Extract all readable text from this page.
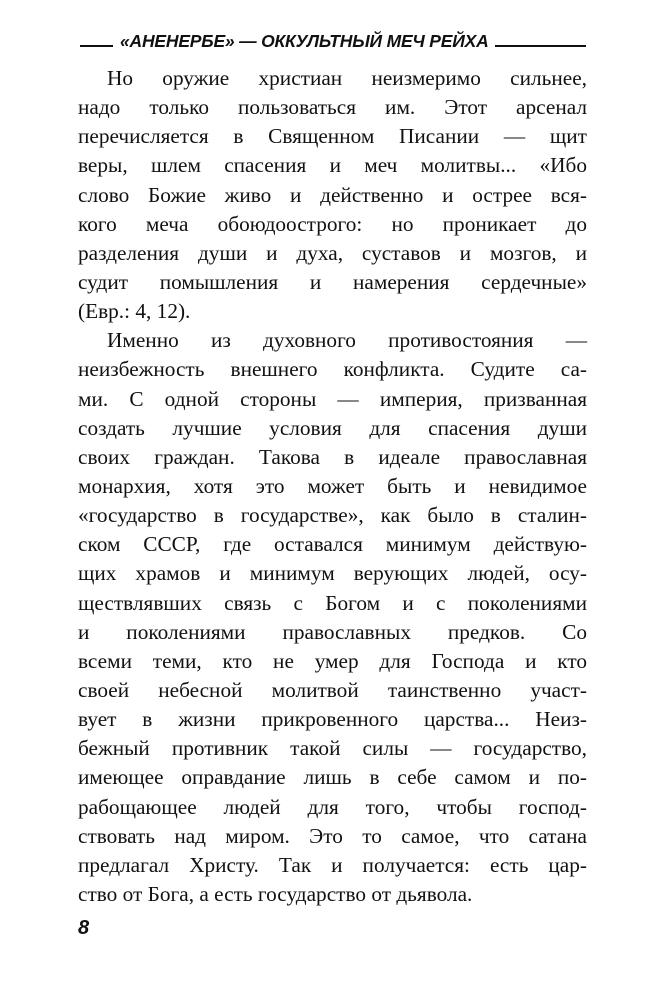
«АНЕНЕРБЕ» — ОККУЛЬТНЫЙ МЕЧ РЕЙХА
Но оружие христиан неизмеримо сильнее,
надо только пользоваться им. Этот арсенал
перечисляется в Священном Писании — щит
веры, шлем спасения и меч молитвы... «Ибо
слово Божие живо и действенно и острее вся-
кого меча обоюдоострого: но проникает до
разделения души и духа, суставов и мозгов, и
судит помышления и намерения сердечные»
(Евр.: 4, 12).
Именно из духовного противостояния —
неизбежность внешнего конфликта. Судите са-
ми. С одной стороны — империя, призванная
создать лучшие условия для спасения души
своих граждан. Такова в идеале православная
монархия, хотя это может быть и невидимое
«государство в государстве», как было в сталин-
ском СССР, где оставался минимум действую-
щих храмов и минимум верующих людей, осу-
ществлявших связь с Богом и с поколениями
и поколениями православных предков. Со
всеми теми, кто не умер для Господа и кто
своей небесной молитвой таинственно участ-
вует в жизни прикровенного царства... Неиз-
бежный противник такой силы — государство,
имеющее оправдание лишь в себе самом и по-
рабощающее людей для того, чтобы господ-
ствовать над миром. Это то самое, что сатана
предлагал Христу. Так и получается: есть цар-
ство от Бога, а есть государство от дьявола.
8
